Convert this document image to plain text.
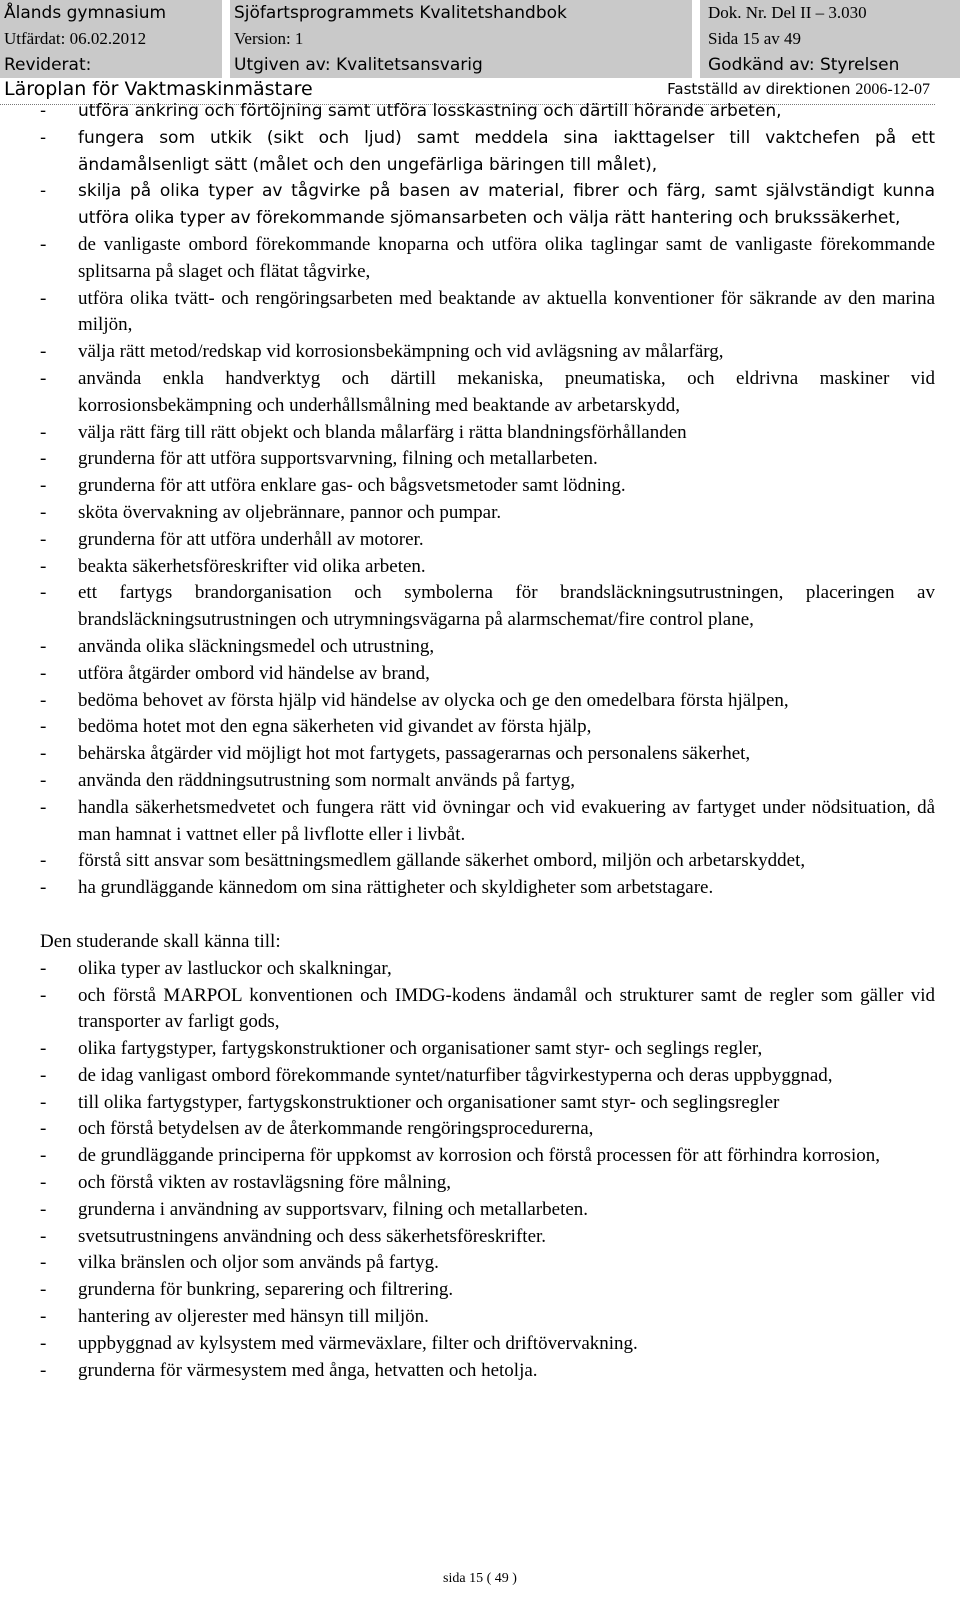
Ålands gymnasium	Sjöfartsprogrammets Kvalitetshandbok	Dok. Nr. Del II – 3.030
Utfärdat: 06.02.2012	Version: 1	Sida 15 av 49
Reviderat:	Utgiven av: Kvalitetsansvarig	Godkänd av: Styrelsen
Läroplan för Vaktmaskinmästare	Fastställd av direktionen 2006-12-07
- utföra ankring och förtöjning samt utföra losskastning och därtill hörande arbeten,
- fungera som utkik (sikt och ljud) samt meddela sina iakttagelser till vaktchefen på ett ändamålsenligt sätt (målet och den ungefärliga bäringen till målet),
- skilja på olika typer av tågvirke på basen av material, fibrer och färg, samt självständigt kunna utföra olika typer av förekommande sjömansarbeten och välja rätt hantering och brukssäkerhet,
- de vanligaste ombord förekommande knoparna och utföra olika taglingar samt de vanligaste förekommande splitsarna på slaget och flätat tågvirke,
- utföra olika tvätt- och rengöringsarbeten med beaktande av aktuella konventioner för säkrande av den marina miljön,
- välja rätt metod/redskap vid korrosionsbekämpning och vid avlägsning av målarfärg,
- använda enkla handverktyg och därtill mekaniska, pneumatiska, och eldrivna maskiner vid korrosionsbekämpning och underhållsmålning med beaktande av arbetarskydd,
- välja rätt färg till rätt objekt och blanda målarfärg i rätta blandningsförhållanden
- grunderna för att utföra supportsvarvning, filning och metallarbeten.
- grunderna för att utföra enklare gas- och bågsvetsmetoder samt lödning.
- sköta övervakning av oljebrännare, pannor och pumpar.
- grunderna för att utföra underhåll av motorer.
- beakta säkerhetsföreskrifter vid olika arbeten.
- ett fartygs brandorganisation och symbolerna för brandsläckningsutrustningen, placeringen av brandsläckningsutrustningen och utrymningsvägarna på alarmschemat/fire control plane,
- använda olika släckningsmedel och utrustning,
- utföra åtgärder ombord vid händelse av brand,
- bedöma behovet av första hjälp vid händelse av olycka och ge den omedelbara första hjälpen,
- bedöma hotet mot den egna säkerheten vid givandet av första hjälp,
- behärska åtgärder vid möjligt hot mot fartygets, passagerarnas och personalens säkerhet,
- använda den räddningsutrustning som normalt används på fartyg,
- handla säkerhetsmedvetet och fungera rätt vid övningar och vid evakuering av fartyget under nödsituation, då man hamnat i vattnet eller på livflotte eller i livbåt.
- förstå sitt ansvar som besättningsmedlem gällande säkerhet ombord, miljön och arbetarskyddet,
- ha grundläggande kännedom om sina rättigheter och skyldigheter som arbetstagare.
Den studerande skall känna till:
- olika typer av lastluckor och skalkningar,
- och förstå MARPOL konventionen och IMDG-kodens ändamål och strukturer samt de regler som gäller vid transporter av farligt gods,
- olika fartygstyper, fartygskonstruktioner och organisationer samt styr- och seglings regler,
- de idag vanligast ombord förekommande syntet/naturfiber tågvirkestyperna och deras uppbyggnad,
- till olika fartygstyper, fartygskonstruktioner och organisationer samt styr- och seglingsregler
- och förstå betydelsen av de återkommande rengöringsprocedurerna,
- de grundläggande principerna för uppkomst av korrosion och förstå processen för att förhindra korrosion,
- och förstå vikten av rostavlägsning före målning,
- grunderna i användning av supportsvarv, filning och metallarbeten.
- svetsutrustningens användning och dess säkerhetsföreskrifter.
- vilka bränslen och oljor som används på fartyg.
- grunderna för bunkring, separering och filtrering.
- hantering av oljerester med hänsyn till miljön.
- uppbyggnad av kylsystem med värmeväxlare, filter och driftövervakning.
- grunderna för värmesystem med ånga, hetvatten och hetolja.
sida 15 ( 49 )
